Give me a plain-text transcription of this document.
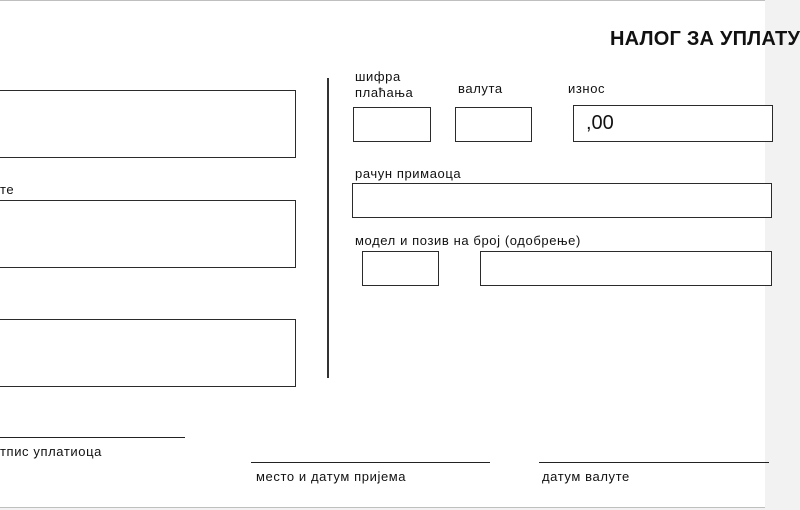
НАЛОГ ЗА УПЛАТУ
те
шифра плаћања	валута	износ
,00
рачун примаоца
модел и позив на број (одобрење)
тпис уплатиоца
место и датум пријема	датум валуте
